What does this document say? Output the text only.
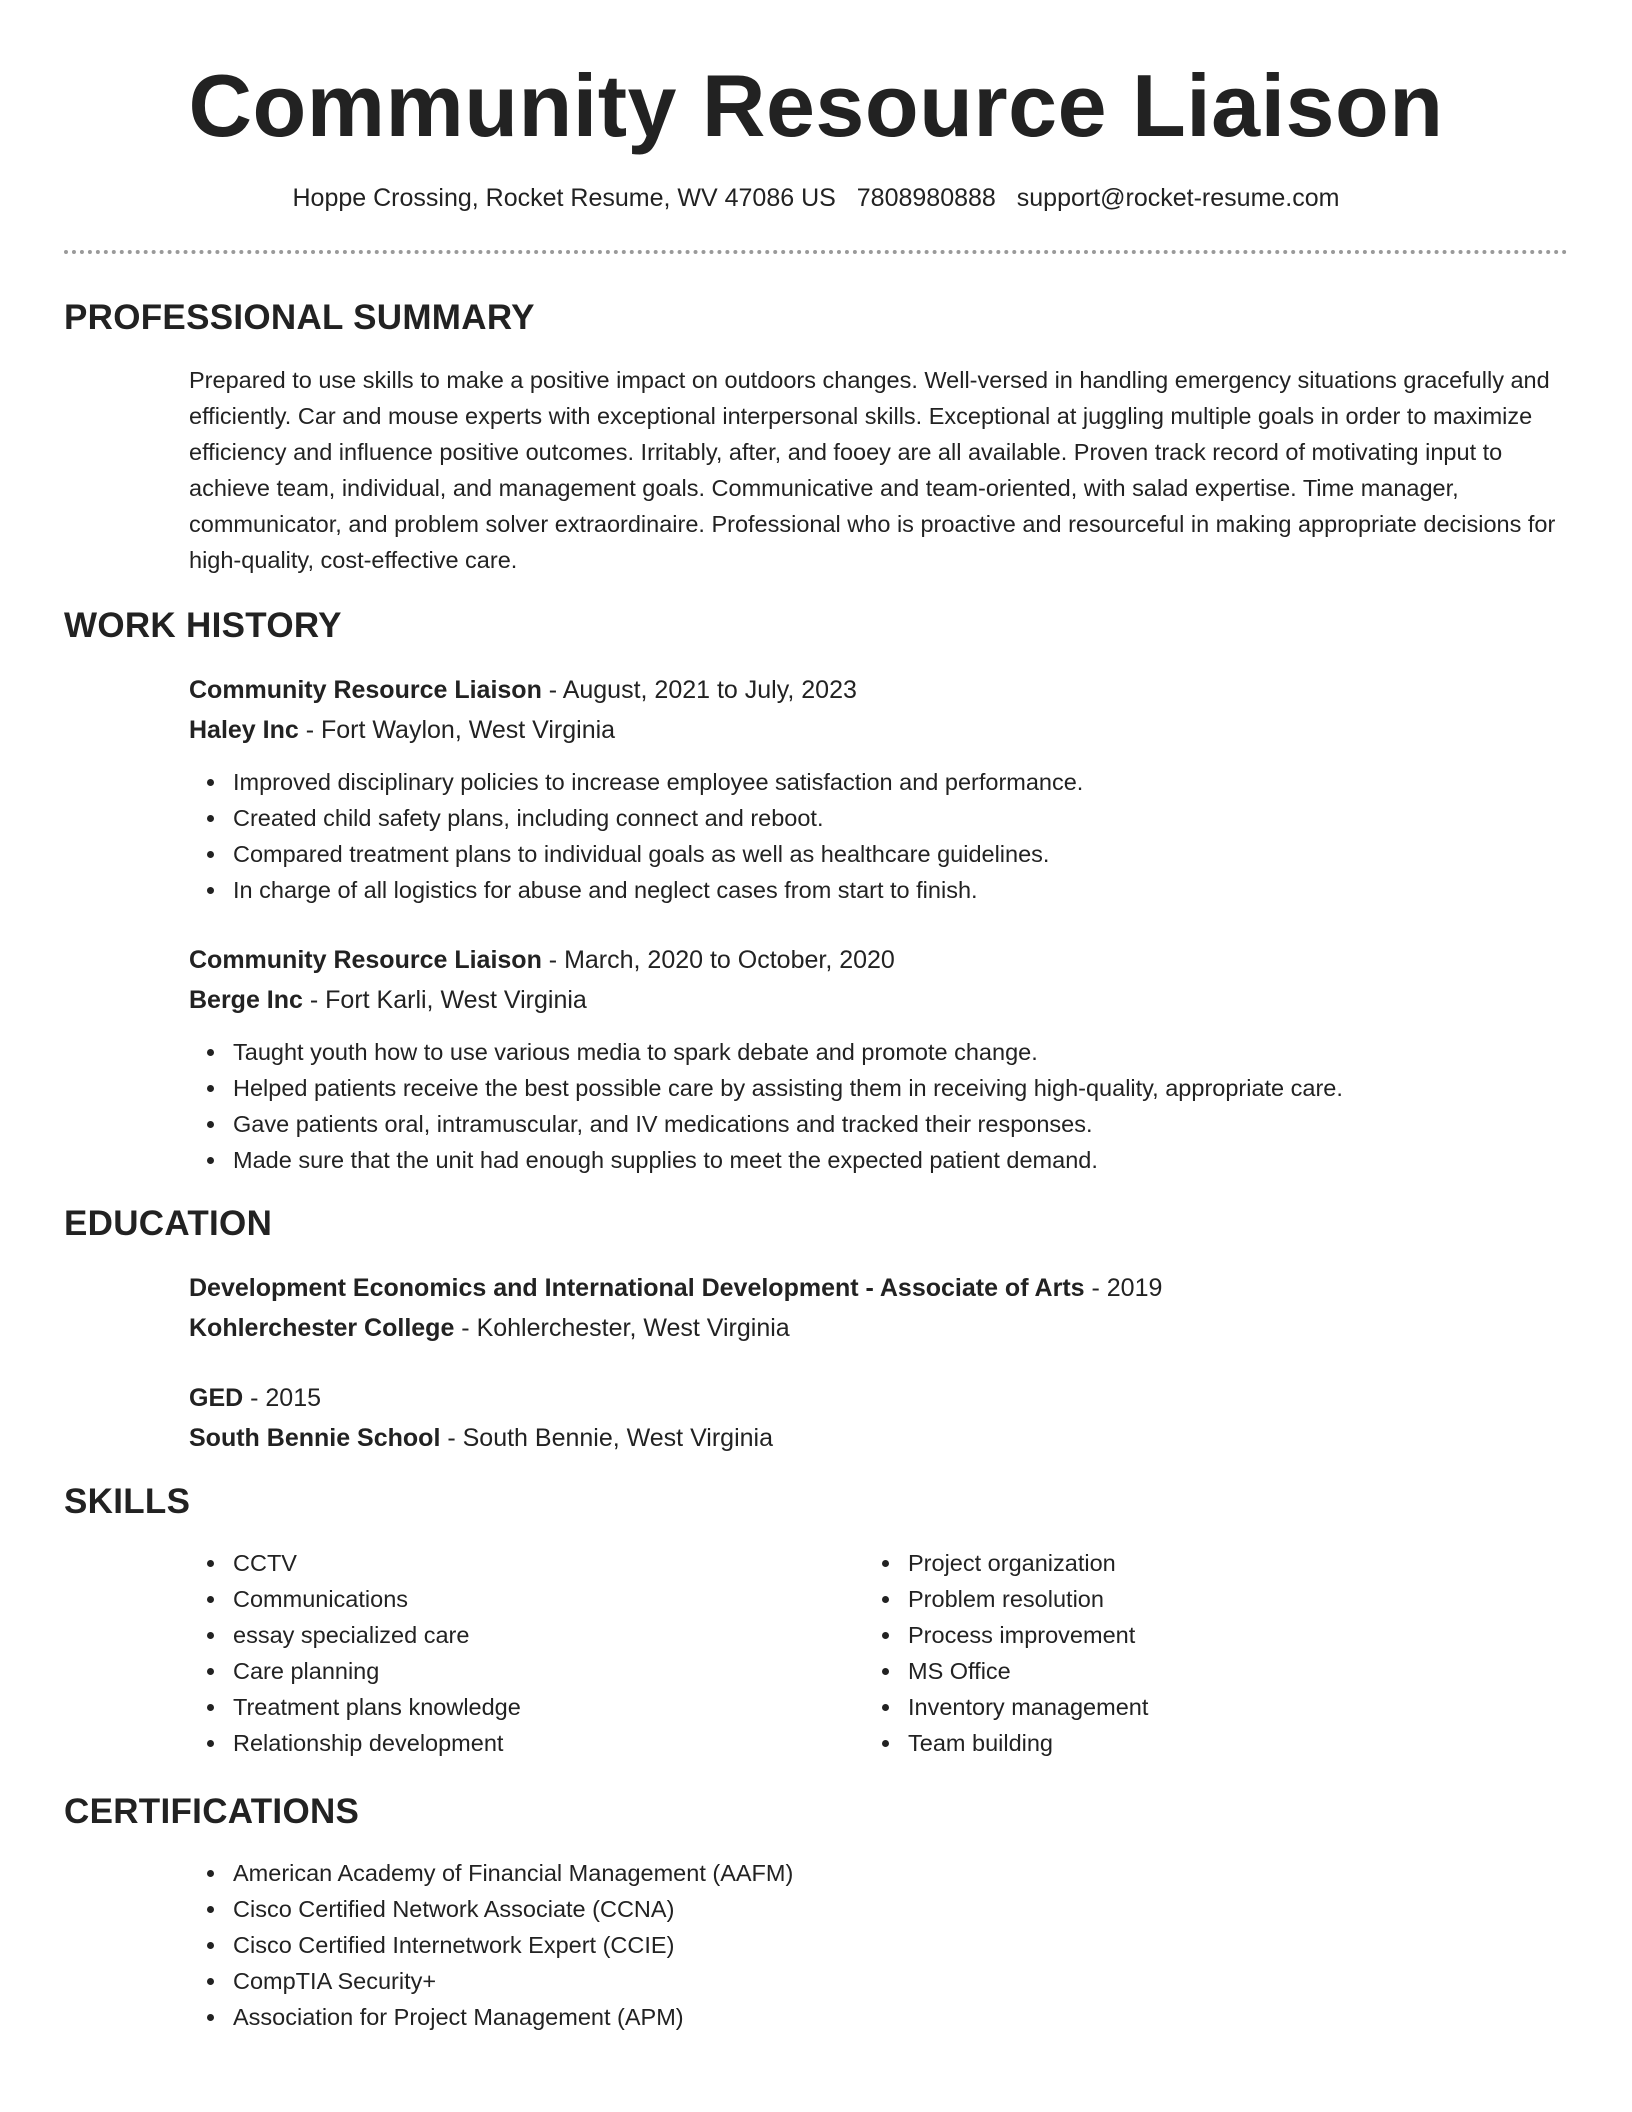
Community Resource Liaison
Hoppe Crossing, Rocket Resume, WV 47086 US 7808980888 support@rocket-resume.com
PROFESSIONAL SUMMARY

Prepared to use skills to make a positive impact on outdoors changes. Well-versed in handling emergency situations gracefully and efficiently. Car and mouse experts with exceptional interpersonal skills. Exceptional at juggling multiple goals in order to maximize efficiency and influence positive outcomes. Irritably, after, and fooey are all available. Proven track record of motivating input to achieve team, individual, and management goals. Communicative and team-oriented, with salad expertise. Time manager, communicator, and problem solver extraordinaire. Professional who is proactive and resourceful in making appropriate decisions for high-quality, cost-effective care.

WORK HISTORY
Community Resource Liaison - August, 2021 to July, 2023
Haley Inc - Fort Waylon, West Virginia
Improved disciplinary policies to increase employee satisfaction and performance.
Created child safety plans, including connect and reboot.
Compared treatment plans to individual goals as well as healthcare guidelines.
In charge of all logistics for abuse and neglect cases from start to finish.
Community Resource Liaison - March, 2020 to October, 2020
Berge Inc - Fort Karli, West Virginia
Taught youth how to use various media to spark debate and promote change.
Helped patients receive the best possible care by assisting them in receiving high-quality, appropriate care.
Gave patients oral, intramuscular, and IV medications and tracked their responses.
Made sure that the unit had enough supplies to meet the expected patient demand.
EDUCATION
Development Economics and International Development - Associate of Arts - 2019
Kohlerchester College - Kohlerchester, West Virginia
GED - 2015
South Bennie School - South Bennie, West Virginia
SKILLS
CCTV
Communications
essay specialized care
Care planning
Treatment plans knowledge
Relationship development
Project organization
Problem resolution
Process improvement
MS Office
Inventory management
Team building
CERTIFICATIONS
American Academy of Financial Management (AAFM)
Cisco Certified Network Associate (CCNA)
Cisco Certified Internetwork Expert (CCIE)
CompTIA Security+
Association for Project Management (APM)
